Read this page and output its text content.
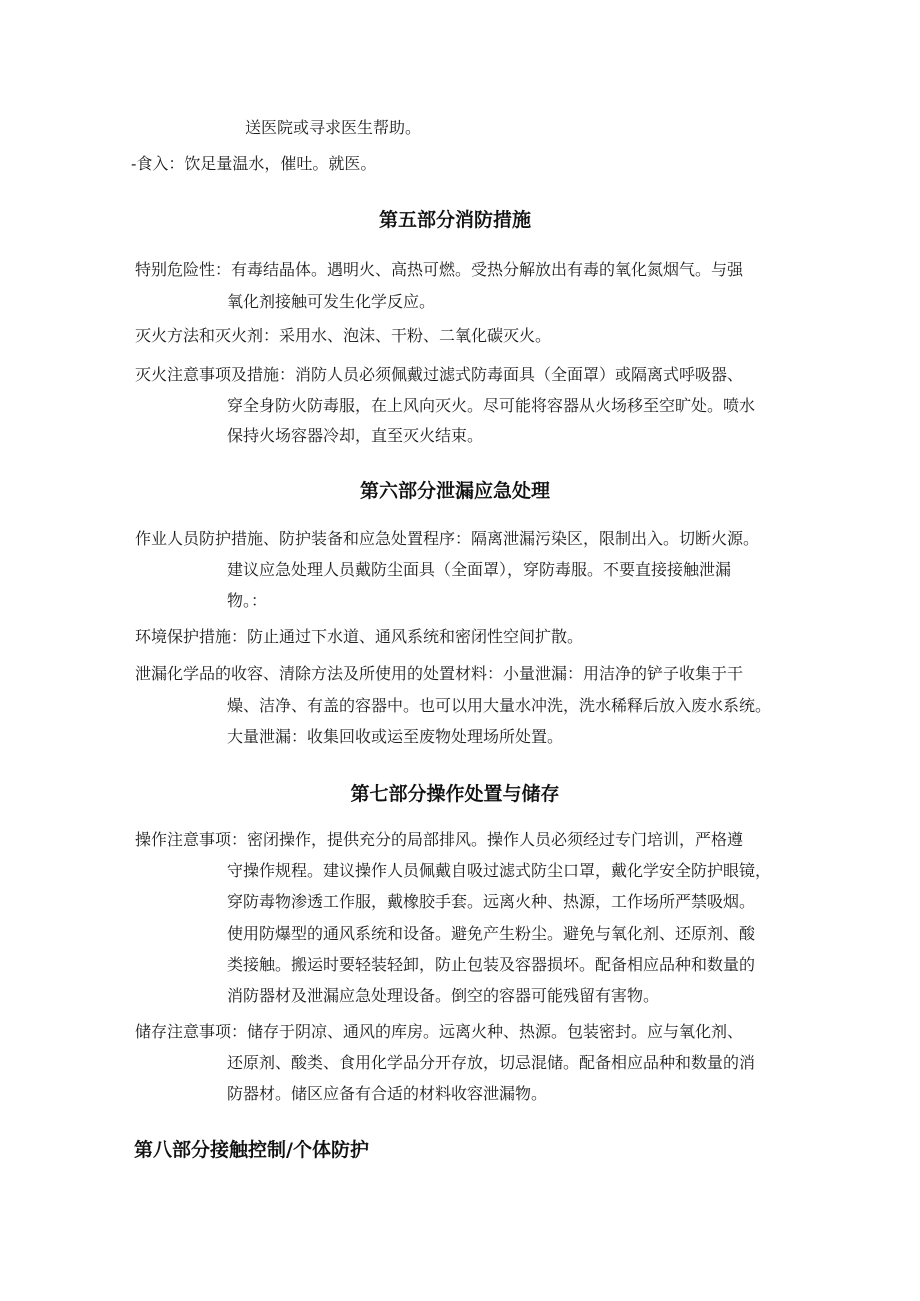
送医院或寻求医生帮助。
-食入：饮足量温水，催吐。就医。
第五部分消防措施
特别危险性：有毒结晶体。遇明火、高热可燃。受热分解放出有毒的氧化氮烟气。与强
氧化剂接触可发生化学反应。
灭火方法和灭火剂：采用水、泡沫、干粉、二氧化碳灭火。
灭火注意事项及措施：消防人员必须佩戴过滤式防毒面具（全面罩）或隔离式呼吸器、
穿全身防火防毒服，在上风向灭火。尽可能将容器从火场移至空旷处。喷水
保持火场容器冷却，直至灭火结束。
第六部分泄漏应急处理
作业人员防护措施、防护装备和应急处置程序：隔离泄漏污染区，限制出入。切断火源。
建议应急处理人员戴防尘面具（全面罩），穿防毒服。不要直接接触泄漏
物。：
环境保护措施：防止通过下水道、通风系统和密闭性空间扩散。
泄漏化学品的收容、清除方法及所使用的处置材料：小量泄漏：用洁净的铲子收集于干
燥、洁净、有盖的容器中。也可以用大量水冲洗，洗水稀释后放入废水系统。
大量泄漏：收集回收或运至废物处理场所处置。
第七部分操作处置与储存
操作注意事项：密闭操作，提供充分的局部排风。操作人员必须经过专门培训，严格遵
守操作规程。建议操作人员佩戴自吸过滤式防尘口罩，戴化学安全防护眼镜，
穿防毒物渗透工作服，戴橡胶手套。远离火种、热源，工作场所严禁吸烟。
使用防爆型的通风系统和设备。避免产生粉尘。避免与氧化剂、还原剂、酸
类接触。搬运时要轻装轻卸，防止包装及容器损坏。配备相应品种和数量的
消防器材及泄漏应急处理设备。倒空的容器可能残留有害物。
储存注意事项：储存于阴凉、通风的库房。远离火种、热源。包装密封。应与氧化剂、
还原剂、酸类、食用化学品分开存放，切忌混储。配备相应品种和数量的消
防器材。储区应备有合适的材料收容泄漏物。
第八部分接触控制/个体防护
